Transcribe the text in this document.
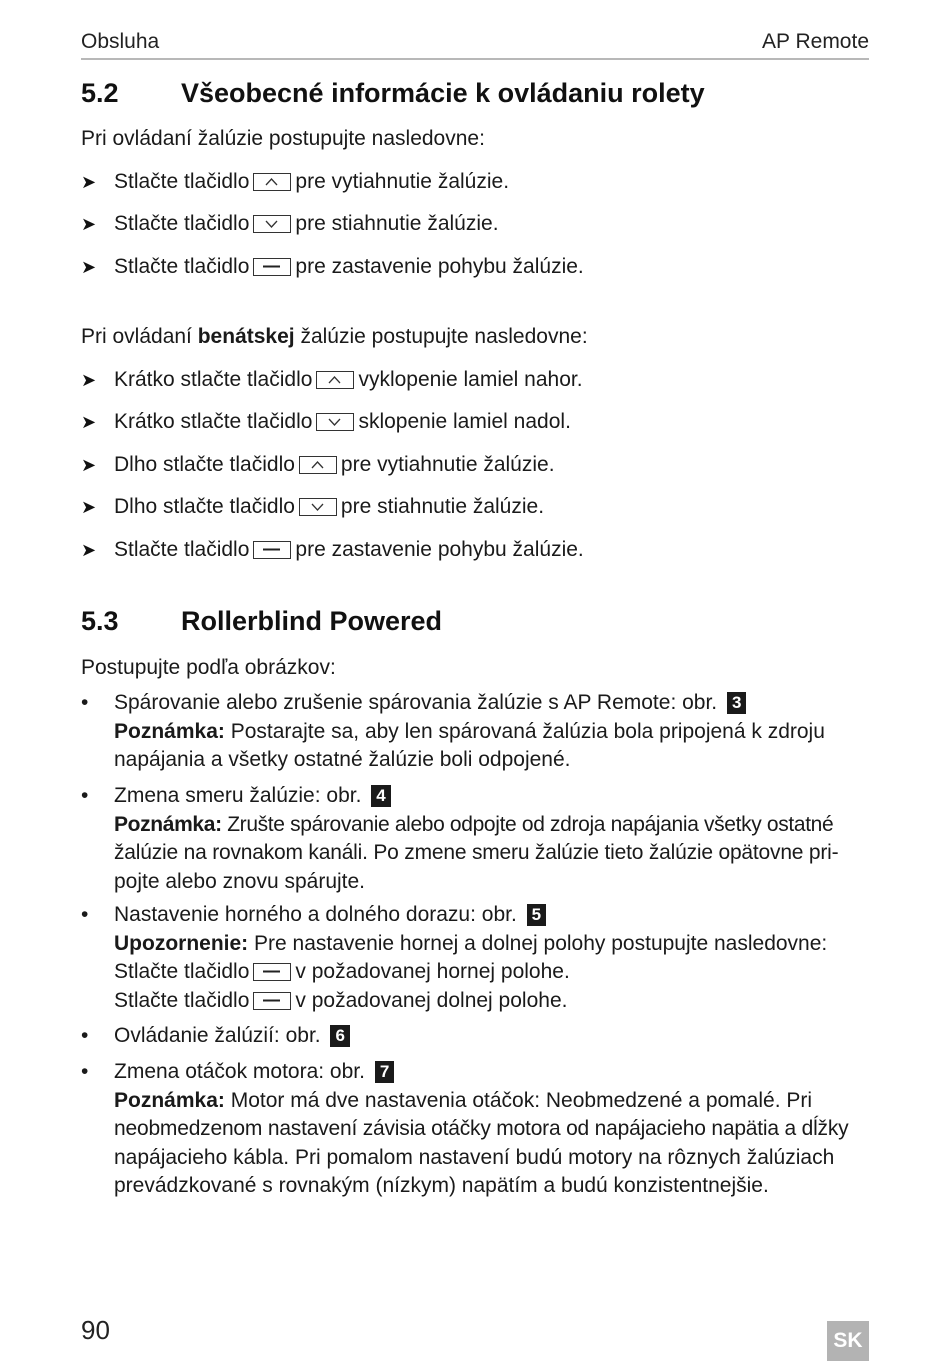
Obsluha	AP Remote
5.2 Všeobecné informácie k ovládaniu rolety
Pri ovládaní žalúzie postupujte nasledovne:
➤ Stlačte tlačidlo pre vytiahnutie žalúzie.
➤ Stlačte tlačidlo pre stiahnutie žalúzie.
➤ Stlačte tlačidlo pre zastavenie pohybu žalúzie.
Pri ovládaní benátskej žalúzie postupujte nasledovne:
➤ Krátko stlačte tlačidlo vyklopenie lamiel nahor.
➤ Krátko stlačte tlačidlo sklopenie lamiel nadol.
➤ Dlho stlačte tlačidlo pre vytiahnutie žalúzie.
➤ Dlho stlačte tlačidlo pre stiahnutie žalúzie.
➤ Stlačte tlačidlo pre zastavenie pohybu žalúzie.
5.3 Rollerblind Powered
Postupujte podľa obrázkov:
•	Spárovanie alebo zrušenie spárovania žalúzie s AP Remote: obr. 3
Poznámka: Postarajte sa, aby len spárovaná žalúzia bola pripojená k zdroju
napájania a všetky ostatné žalúzie boli odpojené.
•	Zmena smeru žalúzie: obr. 4
Poznámka: Zrušte spárovanie alebo odpojte od zdroja napájania všetky ostatné
žalúzie na rovnakom kanáli. Po zmene smeru žalúzie tieto žalúzie opätovne pri-
pojte alebo znovu spárujte.
•	Nastavenie horného a dolného dorazu: obr. 5
Upozornenie: Pre nastavenie hornej a dolnej polohy postupujte nasledovne:
Stlačte tlačidlo v požadovanej hornej polohe.
Stlačte tlačidlo v požadovanej dolnej polohe.
•	Ovládanie žalúzií: obr. 6
•	Zmena otáčok motora: obr. 7
Poznámka: Motor má dve nastavenia otáčok: Neobmedzené a pomalé. Pri
neobmedzenom nastavení závisia otáčky motora od napájacieho napätia a dĺžky
napájacieho kábla. Pri pomalom nastavení budú motory na rôznych žalúziach
prevádzkované s rovnakým (nízkym) napätím a budú konzistentnejšie.
90	SK
